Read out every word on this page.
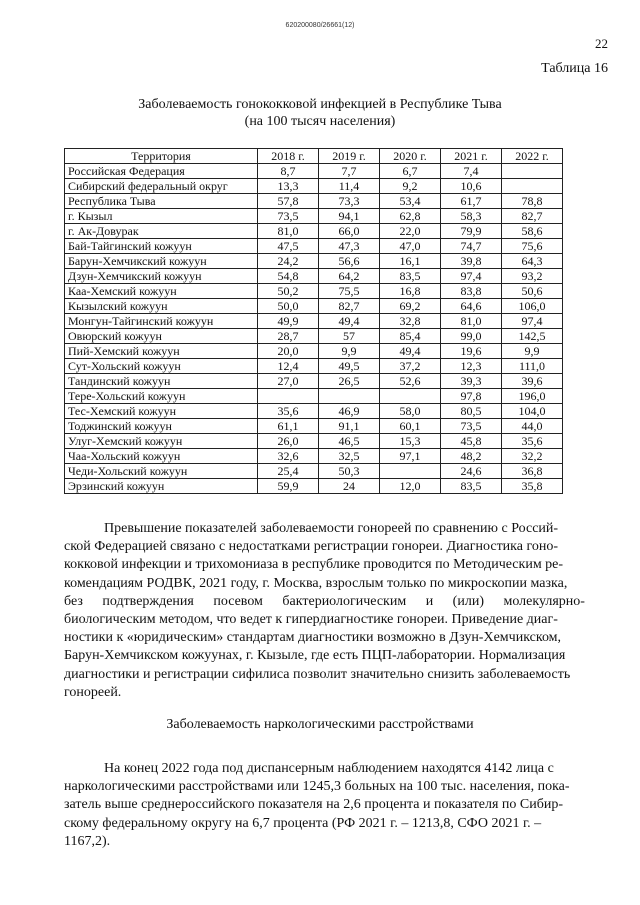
620200080/26661(12)
22
Таблица 16
Заболеваемость гонококковой инфекцией в Республике Тыва
(на 100 тысяч населения)
Территория	2018 г.	2019 г.	2020 г.	2021 г.	2022 г.
Российская Федерация	8,7	7,7	6,7	7,4	
Сибирский федеральный округ	13,3	11,4	9,2	10,6	
Республика Тыва	57,8	73,3	53,4	61,7	78,8
г. Кызыл	73,5	94,1	62,8	58,3	82,7
г. Ак-Довурак	81,0	66,0	22,0	79,9	58,6
Бай-Тайгинский кожуун	47,5	47,3	47,0	74,7	75,6
Барун-Хемчикский кожуун	24,2	56,6	16,1	39,8	64,3
Дзун-Хемчикский кожуун	54,8	64,2	83,5	97,4	93,2
Каа-Хемский кожуун	50,2	75,5	16,8	83,8	50,6
Кызылский кожуун	50,0	82,7	69,2	64,6	106,0
Монгун-Тайгинский кожуун	49,9	49,4	32,8	81,0	97,4
Овюрский кожуун	28,7	57	85,4	99,0	142,5
Пий-Хемский кожуун	20,0	9,9	49,4	19,6	9,9
Сут-Хольский кожуун	12,4	49,5	37,2	12,3	111,0
Тандинский кожуун	27,0	26,5	52,6	39,3	39,6
Тере-Хольский кожуун				97,8	196,0
Тес-Хемский кожуун	35,6	46,9	58,0	80,5	104,0
Тоджинский кожуун	61,1	91,1	60,1	73,5	44,0
Улуг-Хемский кожуун	26,0	46,5	15,3	45,8	35,6
Чаа-Хольский кожуун	32,6	32,5	97,1	48,2	32,2
Чеди-Хольский кожуун	25,4	50,3		24,6	36,8
Эрзинский кожуун	59,9	24	12,0	83,5	35,8
Превышение показателей заболеваемости гонореей по сравнению с Россий-
ской Федерацией связано с недостатками регистрации гонореи. Диагностика гоно-
кокковой инфекции и трихомониаза в республике проводится по Методическим ре-
комендациям РОДВК, 2021 году, г. Москва, взрослым только по микроскопии мазка,
без подтверждения посевом бактериологическим и (или) молекулярно-
биологическим методом, что ведет к гипердиагностике гонореи. Приведение диаг-
ностики к «юридическим» стандартам диагностики возможно в Дзун-Хемчикском,
Барун-Хемчикском кожуунах, г. Кызыле, где есть ПЦП-лаборатории. Нормализация
диагностики и регистрации сифилиса позволит значительно снизить заболеваемость
гонореей.
Заболеваемость наркологическими расстройствами
На конец 2022 года под диспансерным наблюдением находятся 4142 лица с
наркологическими расстройствами или 1245,3 больных на 100 тыс. населения, пока-
затель выше среднероссийского показателя на 2,6 процента и показателя по Сибир-
скому федеральному округу на 6,7 процента (РФ 2021 г. – 1213,8, СФО 2021 г. –
1167,2).
